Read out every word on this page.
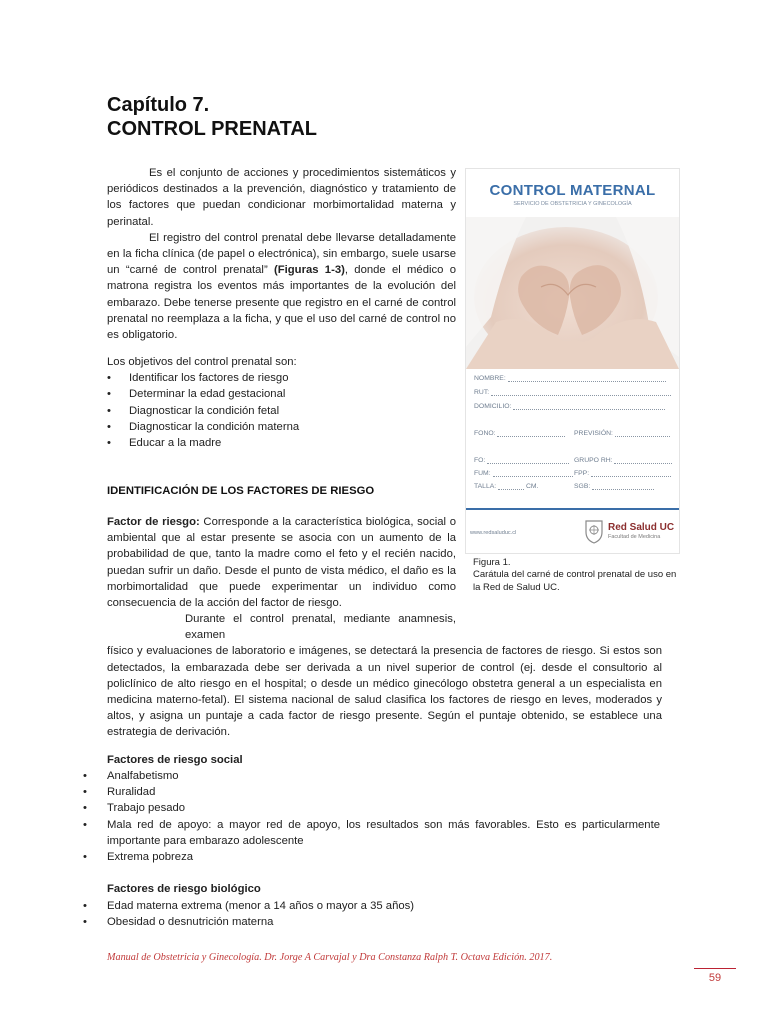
Capítulo 7.
CONTROL PRENATAL

Es el conjunto de acciones y procedimientos sistemáticos y periódicos destinados a la prevención, diagnóstico y tratamiento de los factores que puedan condicionar morbimortalidad materna y perinatal.

El registro del control prenatal debe llevarse detalladamente en la ficha clínica (de papel o electrónica), sin embargo, suele usarse un “carné de control prenatal” (Figuras 1-3), donde el médico o matrona registra los eventos más importantes de la evolución del embarazo. Debe tenerse presente que registro en el carné de control prenatal no reemplaza a la ficha, y que el uso del carné de control no es obligatorio.

Los objetivos del control prenatal son:

• Identificar los factores de riesgo
• Determinar la edad gestacional
• Diagnosticar la condición fetal
• Diagnosticar la condición materna
• Educar a la madre
IDENTIFICACIÓN DE LOS FACTORES DE RIESGO

Factor de riesgo: Corresponde a la característica biológica, social o ambiental que al estar presente se asocia con un aumento de la probabilidad de que, tanto la madre como el feto y el recién nacido, puedan sufrir un daño. Desde el punto de vista médico, el daño es la morbimortalidad que puede experimentar un individuo como consecuencia de la acción del factor de riesgo.

Durante el control prenatal, mediante anamnesis, examen

físico y evaluaciones de laboratorio e imágenes, se detectará la presencia de factores de riesgo. Si estos son detectados, la embarazada debe ser derivada a un nivel superior de control (ej. desde el consultorio al policlínico de alto riesgo en el hospital; o desde un médico ginecólogo obstetra general a un especialista en medicina materno-fetal). El sistema nacional de salud clasifica los factores de riesgo en leves, moderados y altos, y asigna un puntaje a cada factor de riesgo presente. Según el puntaje obtenido, se establece una estrategia de derivación.

Factores de riesgo social

• Analfabetismo
• Ruralidad
• Trabajo pesado
• Mala red de apoyo: a mayor red de apoyo, los resultados son más favorables. Esto es particularmente importante para embarazo adolescente
• Extrema pobreza

Factores de riesgo biológico

• Edad materna extrema (menor a 14 años o mayor a 35 años)
• Obesidad o desnutrición materna
CONTROL MATERNAL
SERVICIO DE OBSTETRICIA Y GINECOLOGÍA
NOMBRE:
RUT:
DOMICILIO:
FONO:	PREVISIÓN:
FO:	GRUPO RH:
FUM:	FPP:
TALLA:	CM.	SGB:
www.redsaluduc.cl	Red Salud UC
Facultad de Medicina
Figura 1.
Carátula del carné de control prenatal de uso en la Red de Salud UC.
Manual de Obstetricia y Ginecología. Dr. Jorge A Carvajal y Dra Constanza Ralph T. Octava Edición. 2017.
59
